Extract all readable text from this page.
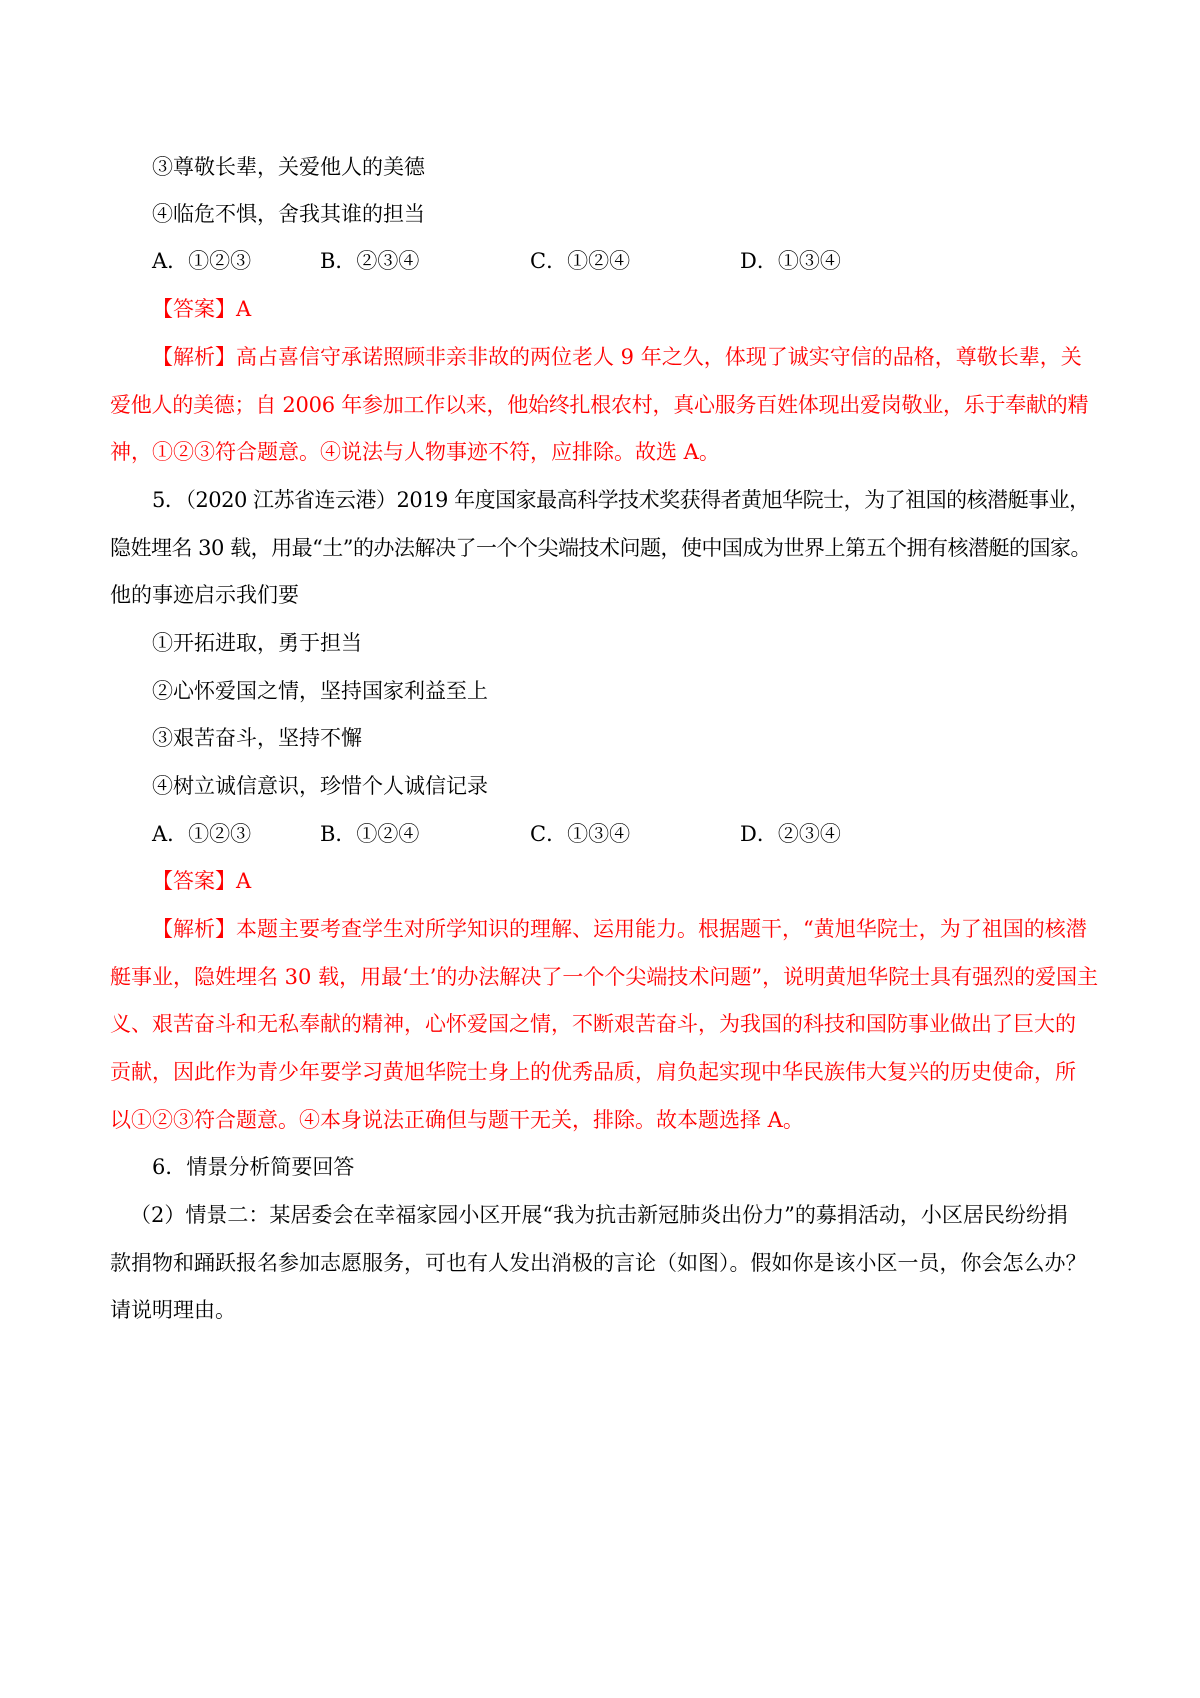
③尊敬长辈，关爱他人的美德
④临危不惧，舍我其谁的担当
A．①②③	B．②③④	C．①②④	D．①③④
【答案】A
【解析】高占喜信守承诺照顾非亲非故的两位老人 9 年之久，体现了诚实守信的品格，尊敬长辈，关
爱他人的美德；自 2006 年参加工作以来，他始终扎根农村，真心服务百姓体现出爱岗敬业，乐于奉献的精
神，①②③符合题意。④说法与人物事迹不符，应排除。故选 A。
5．（2020 江苏省连云港）2019 年度国家最高科学技术奖获得者黄旭华院士，为了祖国的核潜艇事业，
隐姓埋名 30 载，用最“土”的办法解决了一个个尖端技术问题，使中国成为世界上第五个拥有核潜艇的国家。
他的事迹启示我们要
①开拓进取，勇于担当
②心怀爱国之情，坚持国家利益至上
③艰苦奋斗，坚持不懈
④树立诚信意识，珍惜个人诚信记录
A．①②③	B．①②④	C．①③④	D．②③④
【答案】A
【解析】本题主要考查学生对所学知识的理解、运用能力。根据题干，“黄旭华院士，为了祖国的核潜
艇事业，隐姓埋名 30 载，用最‘土’的办法解决了一个个尖端技术问题”，说明黄旭华院士具有强烈的爱国主
义、艰苦奋斗和无私奉献的精神，心怀爱国之情，不断艰苦奋斗，为我国的科技和国防事业做出了巨大的
贡献，因此作为青少年要学习黄旭华院士身上的优秀品质，肩负起实现中华民族伟大复兴的历史使命，所
以①②③符合题意。④本身说法正确但与题干无关，排除。故本题选择 A。
6．情景分析简要回答
（2）情景二：某居委会在幸福家园小区开展“我为抗击新冠肺炎出份力”的募捐活动，小区居民纷纷捐
款捐物和踊跃报名参加志愿服务，可也有人发出消极的言论（如图）。假如你是该小区一员，你会怎么办？
请说明理由。
